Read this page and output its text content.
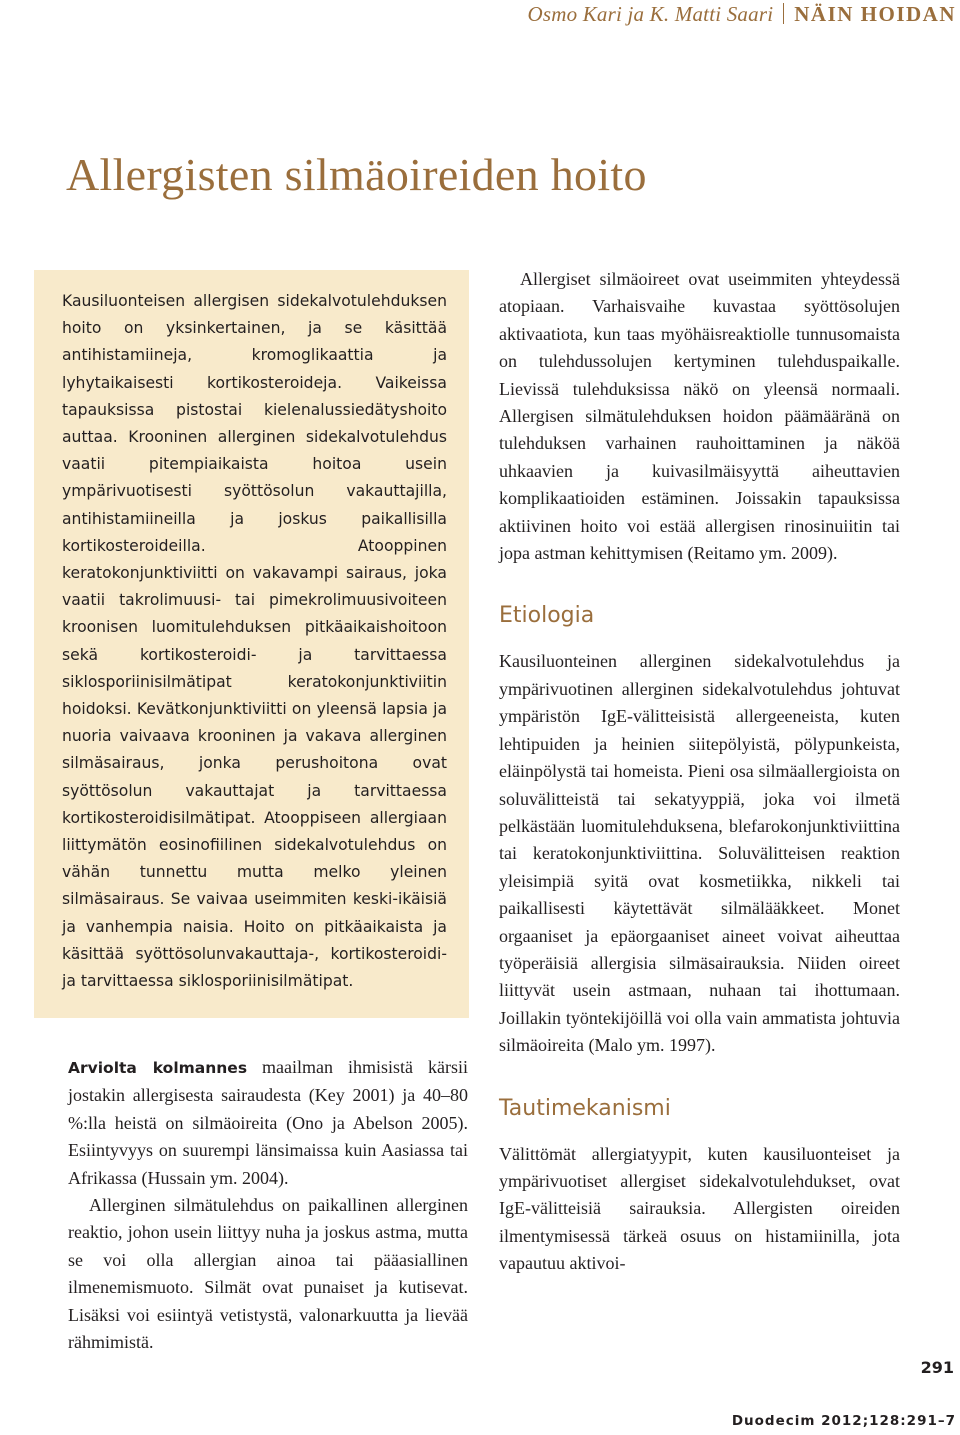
Osmo Kari ja K. Matti Saari NÄIN HOIDAN
Allergisten silmäoireiden hoito

Kausiluonteisen allergisen sidekalvotulehduksen hoito on yksinkertainen, ja se käsittää antihistamiineja, kromoglikaattia ja lyhytaikaisesti kortikosteroideja. Vaikeissa tapauksissa pistostai kielenalussiedätyshoito auttaa. Krooninen allerginen sidekalvotulehdus vaatii pitempiaikaista hoitoa usein ympärivuotisesti syöttösolun vakauttajilla, antihistamiineilla ja joskus paikallisilla kortikosteroideilla. Atooppinen keratokonjunktiviitti on vakavampi sairaus, joka vaatii takrolimuusi- tai pimekrolimuusivoiteen kroonisen luomitulehduksen pitkäaikaishoitoon sekä kortikosteroidi- ja tarvittaessa siklosporiinisilmätipat keratokonjunktiviitin hoidoksi. Kevätkonjunktiviitti on yleensä lapsia ja nuoria vaivaava krooninen ja vakava allerginen silmäsairaus, jonka perushoitona ovat syöttösolun vakauttajat ja tarvittaessa kortikosteroidisilmätipat. Atooppiseen allergiaan liittymätön eosinofiilinen sidekalvotulehdus on vähän tunnettu mutta melko yleinen silmäsairaus. Se vaivaa useimmiten keski-ikäisiä ja vanhempia naisia. Hoito on pitkäaikaista ja käsittää syöttösolunvakauttaja-, kortikosteroidi- ja tarvittaessa siklosporiinisilmätipat.

Arviolta kolmannes maailman ihmisistä kärsii jostakin allergisesta sairaudesta (Key 2001) ja 40–80 %:lla heistä on silmäoireita (Ono ja Abelson 2005). Esiintyvyys on suurempi länsimaissa kuin Aasiassa tai Afrikassa (Hussain ym. 2004).

Allerginen silmätulehdus on paikallinen allerginen reaktio, johon usein liittyy nuha ja joskus astma, mutta se voi olla allergian ainoa tai pääasiallinen ilmenemismuoto. Silmät ovat punaiset ja kutisevat. Lisäksi voi esiintyä vetistystä, valonarkuutta ja lievää rähmimistä.

Allergiset silmäoireet ovat useimmiten yhteydessä atopiaan. Varhaisvaihe kuvastaa syöttösolujen aktivaatiota, kun taas myöhäisreaktiolle tunnusomaista on tulehdussolujen kertyminen tulehduspaikalle. Lievissä tulehduksissa näkö on yleensä normaali. Allergisen silmätulehduksen hoidon päämääränä on tulehduksen varhainen rauhoittaminen ja näköä uhkaavien ja kuivasilmäisyyttä aiheuttavien komplikaatioiden estäminen. Joissakin tapauksissa aktiivinen hoito voi estää allergisen rinosinuiitin tai jopa astman kehittymisen (Reitamo ym. 2009).

Etiologia

Kausiluonteinen allerginen sidekalvotulehdus ja ympärivuotinen allerginen sidekalvotulehdus johtuvat ympäristön IgE-välitteisistä allergeeneista, kuten lehtipuiden ja heinien siitepölyistä, pölypunkeista, eläinpölystä tai homeista. Pieni osa silmäallergioista on soluvälitteistä tai sekatyyppiä, joka voi ilmetä pelkästään luomitulehduksena, blefarokonjunktiviittina tai keratokonjunktiviittina. Soluvälitteisen reaktion yleisimpiä syitä ovat kosmetiikka, nikkeli tai paikallisesti käytettävät silmälääkkeet. Monet orgaaniset ja epäorgaaniset aineet voivat aiheuttaa työperäisiä allergisia silmäsairauksia. Niiden oireet liittyvät usein astmaan, nuhaan tai ihottumaan. Joillakin työntekijöillä voi olla vain ammatista johtuvia silmäoireita (Malo ym. 1997).

Tautimekanismi

Välittömät allergiatyypit, kuten kausiluonteiset ja ympärivuotiset allergiset sidekalvotulehdukset, ovat IgE-välitteisiä sairauksia. Allergisten oireiden ilmentymisessä tärkeä osuus on histamiinilla, jota vapautuu aktivoi-

291
Duodecim 2012;128:291–7
